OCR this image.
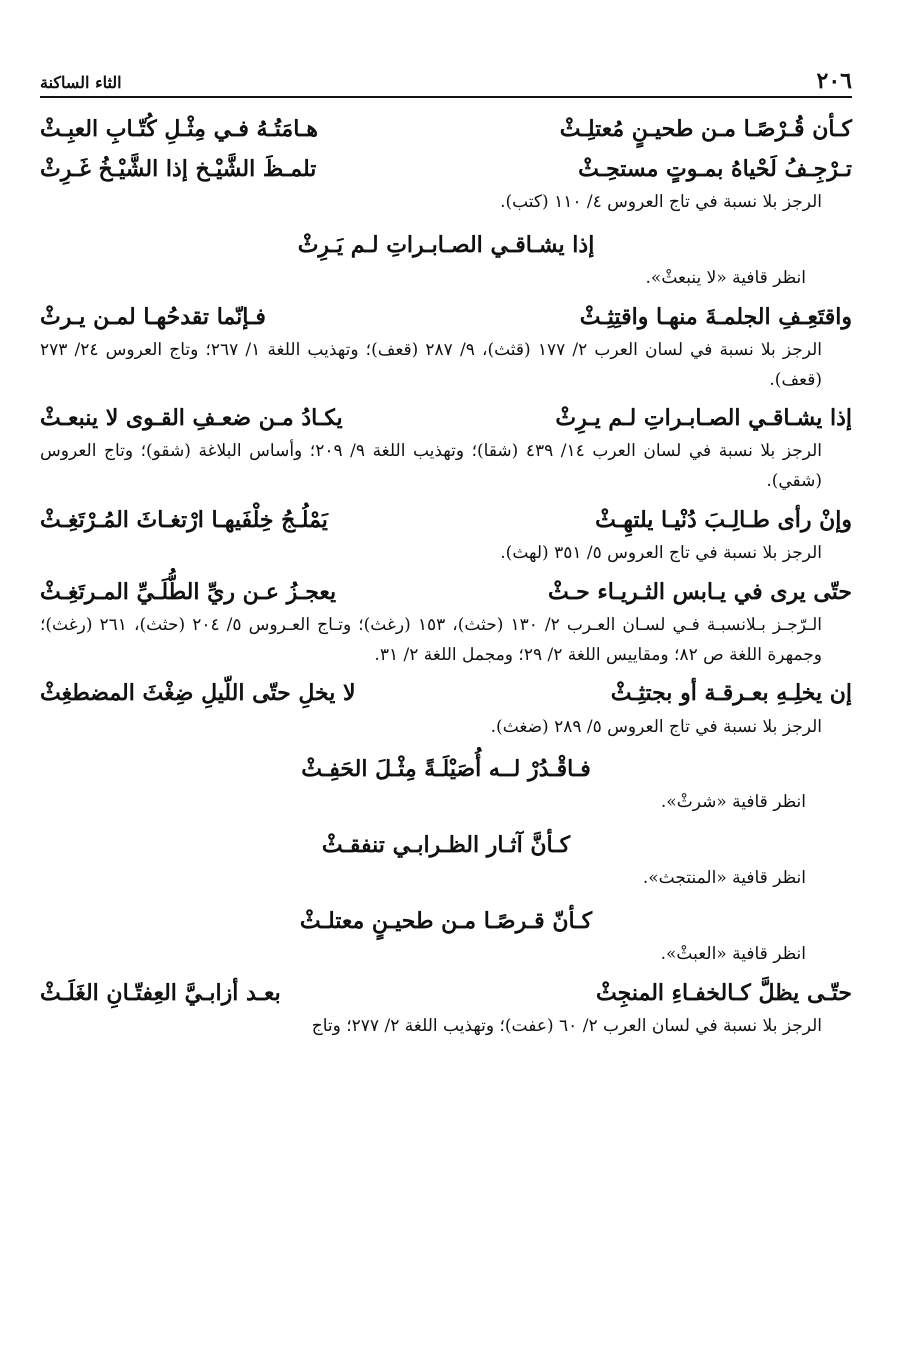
٢٠٦
الثاء الساكنة
كـأن قُـرْصًـا مـن طحيـنٍ مُعتلِـثْ
هـامَتُـهُ فـي مِثْـلِ كُتّـابِ العبِـثْ
تـرْجِـفُ لَحْياهُ بمـوتٍ مستحِـثْ
تلمـظَ الشَّيْـخ إذا الشَّيْـخُ غَـرِثْ
الرجز بلا نسبة في تاج العروس ٤/ ١١٠ (كتب).
إذا يشـاقـي الصـابـراتِ لـم يَـرِثْ
انظر قافية «لا ينبعثْ».
واقتَعِـفِ الجلمـةَ منهـا واقتِثِـثْ
فـإنّما تقدحُهـا لمـن يـرثْ
الرجز بلا نسبة في لسان العرب ٢/ ١٧٧ (قثث)، ٩/ ٢٨٧ (قعف)؛ وتهذيب اللغة ١/ ٢٦٧؛ وتاج العروس ٢٤/ ٢٧٣ (قعف).
إذا يشـاقـي الصـابـراتِ لـم يـرِثْ
يكـادُ مـن ضعـفِ القـوى لا ينبعـثْ
الرجز بلا نسبة في لسان العرب ١٤/ ٤٣٩ (شقا)؛ وتهذيب اللغة ٩/ ٢٠٩؛ وأساس البلاغة (شقو)؛ وتاج العروس (شقي).
وإنْ رأى طـالِـبَ دُنْيـا يلتهِـثْ
يَمْلُـجُ خِلْفَيهـا ارْتغـاثَ المُـرْتَغِـثْ
الرجز بلا نسبة في تاج العروس ٥/ ٣٥١ (لهث).
حتّى يرى في يـابس الثـريـاء حـثْ
يعجـزُ عـن ريِّ الطُّلَـيِّ المـرتَغِـثْ
الـرّجـز بـلانسبـة فـي لسـان العـرب ٢/ ١٣٠ (حثث)، ١٥٣ (رغث)؛ وتـاج العـروس ٥/ ٢٠٤ (حثث)، ٢٦١ (رغث)؛ وجمهرة اللغة ص ٨٢؛ ومقاييس اللغة ٢/ ٢٩؛ ومجمل اللغة ٢/ ٣١.
إن يخلِـهِ بعـرقـة أو بجتثِـثْ
لا يخلِ حتّى اللّيلِ ضِغْثَ المضطغِثْ
الرجز بلا نسبة في تاج العروس ٥/ ٢٨٩ (ضغث).
فـاقْـدُرْ لــه أُصَيْلَـةً مِثْـلَ الحَفِـثْ
انظر قافية «شرثْ».
كـأنَّ آثـار الظـرابـي تنفقـثْ
انظر قافية «المنتجث».
كـأنّ قـرصًـا مـن طحيـنٍ معتلـثْ
انظر قافية «العبثْ».
حتّـى يظلَّ كـالخفـاءِ المنجِثْ
بعـد أزابـيَّ العِفتّـانِ الغَلَـثْ
الرجز بلا نسبة في لسان العرب ٢/ ٦٠ (عفت)؛ وتهذيب اللغة ٢/ ٢٧٧؛ وتاج
